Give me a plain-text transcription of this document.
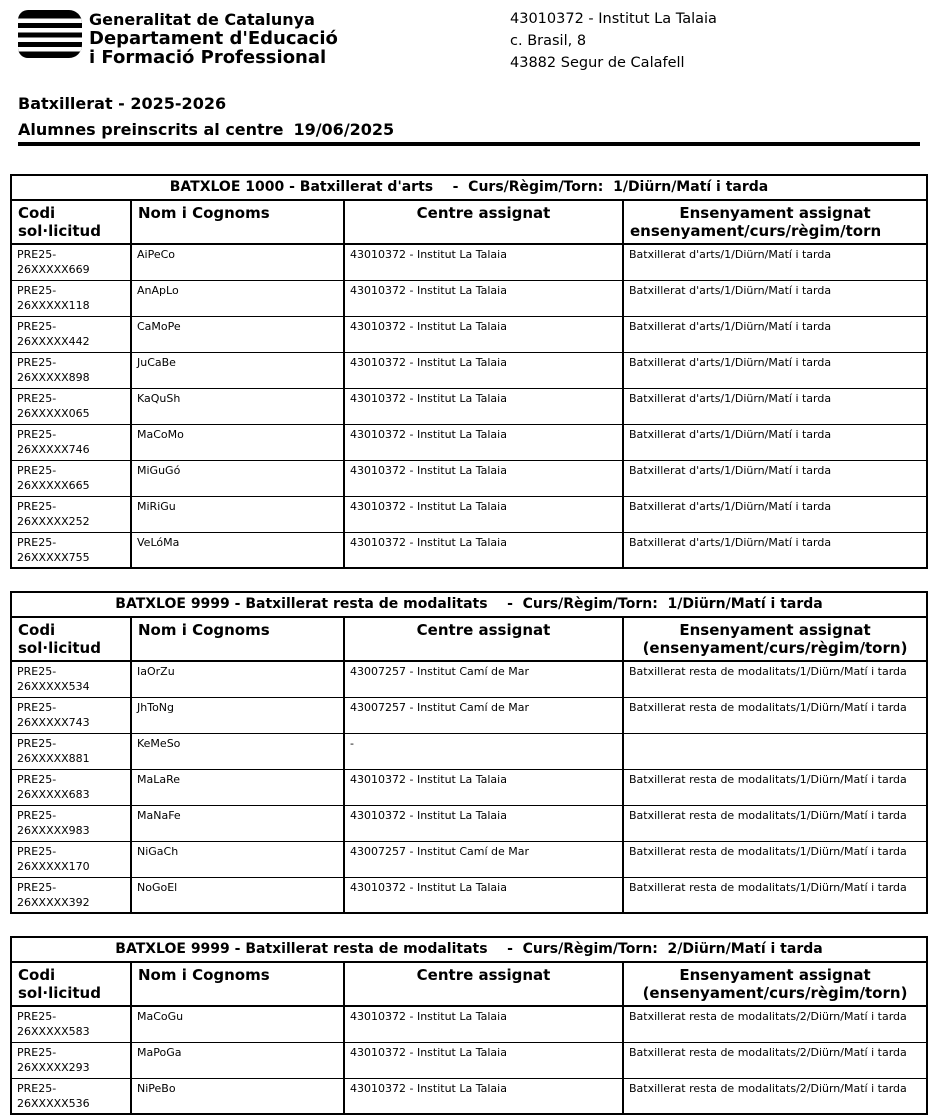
Generalitat de Catalunya
Departament d'Educació
i Formació Professional
43010372 - Institut La Talaia
c. Brasil, 8
43882 Segur de Calafell
Batxillerat - 2025-2026
Alumnes preinscrits al centre 19/06/2025
BATXLOE 1000 - Batxillerat d'arts    -  Curs/Règim/Torn:  1/Diürn/Matí i tarda			

Codi
sol·licitud

Nom i Cognoms	Centre assignat	Ensenyament assignat
ensenyament/curs/règim/torn

PRE25-
26XXXXX669	AiPeCo	43010372 - Institut La Talaia	Batxillerat d'arts/1/Diürn/Matí i tarda

PRE25-
26XXXXX118	AnApLo	43010372 - Institut La Talaia	Batxillerat d'arts/1/Diürn/Matí i tarda

PRE25-
26XXXXX442	CaMoPe	43010372 - Institut La Talaia	Batxillerat d'arts/1/Diürn/Matí i tarda

PRE25-
26XXXXX898	JuCaBe	43010372 - Institut La Talaia	Batxillerat d'arts/1/Diürn/Matí i tarda

PRE25-
26XXXXX065	KaQuSh	43010372 - Institut La Talaia	Batxillerat d'arts/1/Diürn/Matí i tarda

PRE25-
26XXXXX746	MaCoMo	43010372 - Institut La Talaia	Batxillerat d'arts/1/Diürn/Matí i tarda

PRE25-
26XXXXX665	MiGuGó	43010372 - Institut La Talaia	Batxillerat d'arts/1/Diürn/Matí i tarda

PRE25-
26XXXXX252	MiRiGu	43010372 - Institut La Talaia	Batxillerat d'arts/1/Diürn/Matí i tarda

PRE25-
26XXXXX755	VeLóMa	43010372 - Institut La Talaia	Batxillerat d'arts/1/Diürn/Matí i tarda
BATXLOE 9999 - Batxillerat resta de modalitats    -  Curs/Règim/Torn:  1/Diürn/Matí i tarda			

Codi
sol·licitud

Nom i Cognoms	Centre assignat	Ensenyament assignat
(ensenyament/curs/règim/torn)

PRE25-
26XXXXX534	IaOrZu	43007257 - Institut Camí de Mar	Batxillerat resta de modalitats/1/Diürn/Matí i tarda

PRE25-
26XXXXX743	JhToNg	43007257 - Institut Camí de Mar	Batxillerat resta de modalitats/1/Diürn/Matí i tarda

PRE25-
26XXXXX881	KeMeSo	-	

PRE25-
26XXXXX683	MaLaRe	43010372 - Institut La Talaia	Batxillerat resta de modalitats/1/Diürn/Matí i tarda

PRE25-
26XXXXX983	MaNaFe	43010372 - Institut La Talaia	Batxillerat resta de modalitats/1/Diürn/Matí i tarda

PRE25-
26XXXXX170	NiGaCh	43007257 - Institut Camí de Mar	Batxillerat resta de modalitats/1/Diürn/Matí i tarda

PRE25-
26XXXXX392	NoGoEl	43010372 - Institut La Talaia	Batxillerat resta de modalitats/1/Diürn/Matí i tarda
BATXLOE 9999 - Batxillerat resta de modalitats    -  Curs/Règim/Torn:  2/Diürn/Matí i tarda			

Codi
sol·licitud

Nom i Cognoms	Centre assignat	Ensenyament assignat
(ensenyament/curs/règim/torn)

PRE25-
26XXXXX583	MaCoGu	43010372 - Institut La Talaia	Batxillerat resta de modalitats/2/Diürn/Matí i tarda

PRE25-
26XXXXX293	MaPoGa	43010372 - Institut La Talaia	Batxillerat resta de modalitats/2/Diürn/Matí i tarda

PRE25-
26XXXXX536	NiPeBo	43010372 - Institut La Talaia	Batxillerat resta de modalitats/2/Diürn/Matí i tarda
